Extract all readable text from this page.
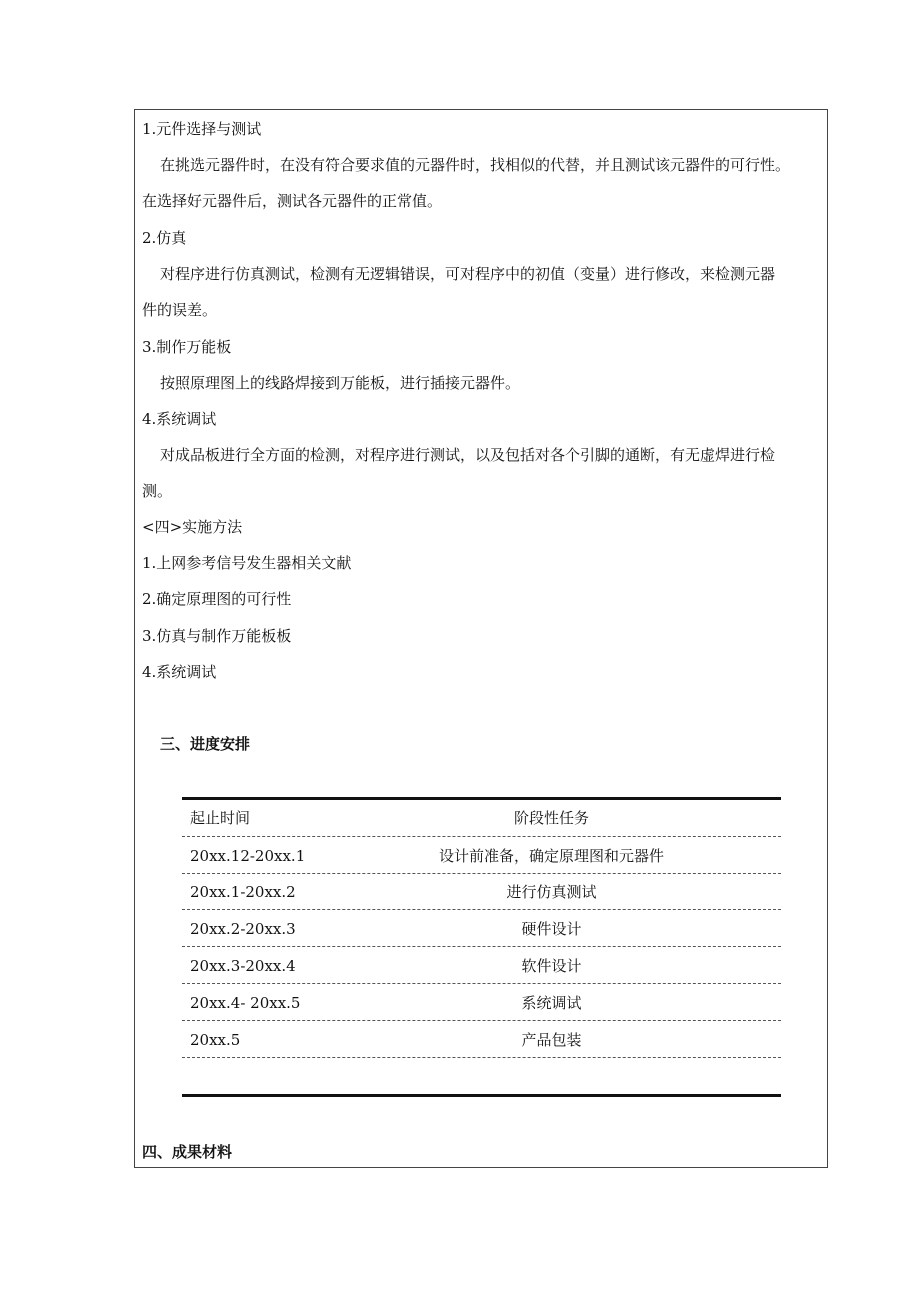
1.元件选择与测试
在挑选元器件时，在没有符合要求值的元器件时，找相似的代替，并且测试该元器件的可行性。
在选择好元器件后，测试各元器件的正常值。
2.仿真
对程序进行仿真测试，检测有无逻辑错误，可对程序中的初值（变量）进行修改，来检测元器
件的误差。
3.制作万能板
按照原理图上的线路焊接到万能板，进行插接元器件。
4.系统调试
对成品板进行全方面的检测，对程序进行测试，以及包括对各个引脚的通断，有无虚焊进行检
测。
<四>实施方法
1.上网参考信号发生器相关文献
2.确定原理图的可行性
3.仿真与制作万能板板
4.系统调试
三、进度安排
起止时间	阶段性任务
20xx.12-20xx.1	设计前准备，确定原理图和元器件
20xx.1-20xx.2	进行仿真测试
20xx.2-20xx.3	硬件设计
20xx.3-20xx.4	软件设计
20xx.4- 20xx.5	系统调试
20xx.5	产品包装
四、成果材料
